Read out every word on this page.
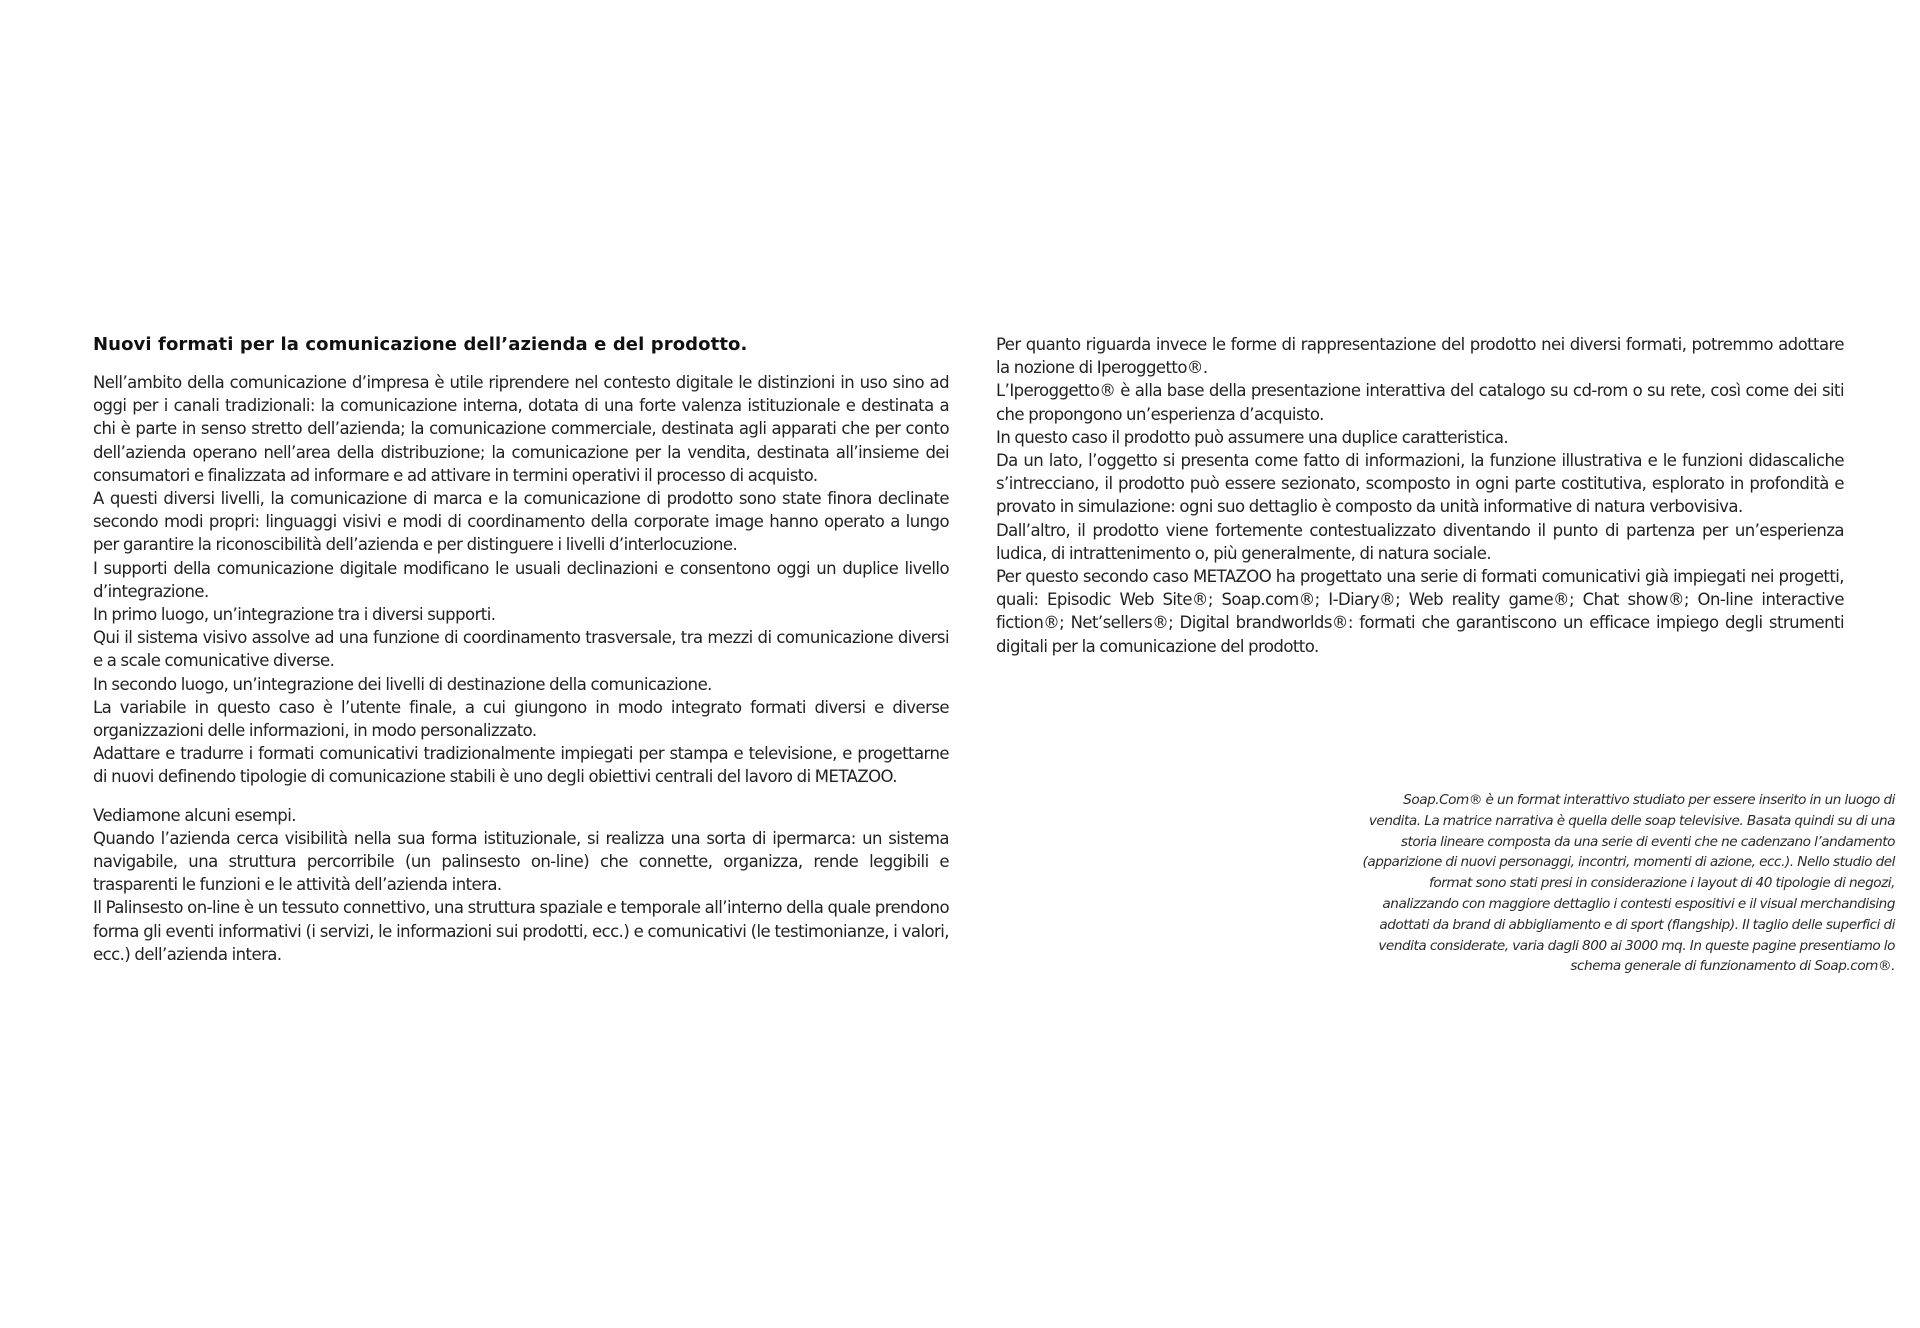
Nuovi formati per la comunicazione dell’azienda e del prodotto.

Nell’ambito della comunicazione d’impresa è utile riprendere nel contesto digitale le distinzioni in uso sino ad oggi per i canali tradizionali: la comunicazione interna, dotata di una forte valenza istituzionale e destinata a chi è parte in senso stretto dell’azienda; la comunicazione commerciale, destinata agli apparati che per conto dell’azienda operano nell’area della distribuzione; la comunicazione per la vendita, destinata all’insieme dei consumatori e finalizzata ad informare e ad attivare in termini operativi il processo di acquisto.

A questi diversi livelli, la comunicazione di marca e la comunicazione di prodotto sono state finora declinate secondo modi propri: linguaggi visivi e modi di coordinamento della corporate image hanno operato a lungo per garantire la riconoscibilità dell’azienda e per distinguere i livelli d’interlocuzione.

I supporti della comunicazione digitale modificano le usuali declinazioni e consentono oggi un duplice livello d’integrazione.

In primo luogo, un’integrazione tra i diversi supporti.

Qui il sistema visivo assolve ad una funzione di coordinamento trasversale, tra mezzi di comunicazione diversi e a scale comunicative diverse.

In secondo luogo, un’integrazione dei livelli di destinazione della comunicazione.

La variabile in questo caso è l’utente finale, a cui giungono in modo integrato formati diversi e diverse organizzazioni delle informazioni, in modo personalizzato.

Adattare e tradurre i formati comunicativi tradizionalmente impiegati per stampa e televisione, e progettarne di nuovi definendo tipologie di comunicazione stabili è uno degli obiettivi centrali del lavoro di METAZOO.

Vediamone alcuni esempi.

Quando l’azienda cerca visibilità nella sua forma istituzionale, si realizza una sorta di ipermarca: un sistema navigabile, una struttura percorribile (un palinsesto on-line) che connette, organizza, rende leggibili e trasparenti le funzioni e le attività dell’azienda intera.

Il Palinsesto on-line è un tessuto connettivo, una struttura spaziale e temporale all’interno della quale prendono forma gli eventi informativi (i servizi, le informazioni sui prodotti, ecc.) e comunicativi (le testimonianze, i valori, ecc.) dell’azienda intera.

Per quanto riguarda invece le forme di rappresentazione del prodotto nei diversi formati, potremmo adottare la nozione di Iperoggetto®.

L’Iperoggetto® è alla base della presentazione interattiva del catalogo su cd-rom o su rete, così come dei siti che propongono un’esperienza d’acquisto.

In questo caso il prodotto può assumere una duplice caratteristica.

Da un lato, l’oggetto si presenta come fatto di informazioni, la funzione illustrativa e le funzioni didascaliche s’intrecciano, il prodotto può essere sezionato, scomposto in ogni parte costitutiva, esplorato in profondità e provato in simulazione: ogni suo dettaglio è composto da unità informative di natura verbovisiva.

Dall’altro, il prodotto viene fortemente contestualizzato diventando il punto di partenza per un’esperienza ludica, di intrattenimento o, più generalmente, di natura sociale.

Per questo secondo caso METAZOO ha progettato una serie di formati comunicativi già impiegati nei progetti, quali: Episodic Web Site®; Soap.com®; I-Diary®; Web reality game®; Chat show®; On-line interactive fiction®; Net’sellers®; Digital brandworlds®: formati che garantiscono un efficace impiego degli strumenti digitali per la comunicazione del prodotto.

Soap.Com® è un format interattivo studiato per essere inserito in un luogo di vendita. La matrice narrativa è quella delle soap televisive. Basata quindi su di una storia lineare composta da una serie di eventi che ne cadenzano l’andamento (apparizione di nuovi personaggi, incontri, momenti di azione, ecc.). Nello studio del format sono stati presi in considerazione i layout di 40 tipologie di negozi, analizzando con maggiore dettaglio i contesti espositivi e il visual merchandising adottati da brand di abbigliamento e di sport (flangship). Il taglio delle superfici di vendita considerate, varia dagli 800 ai 3000 mq. In queste pagine presentiamo lo schema generale di funzionamento di Soap.com®.
